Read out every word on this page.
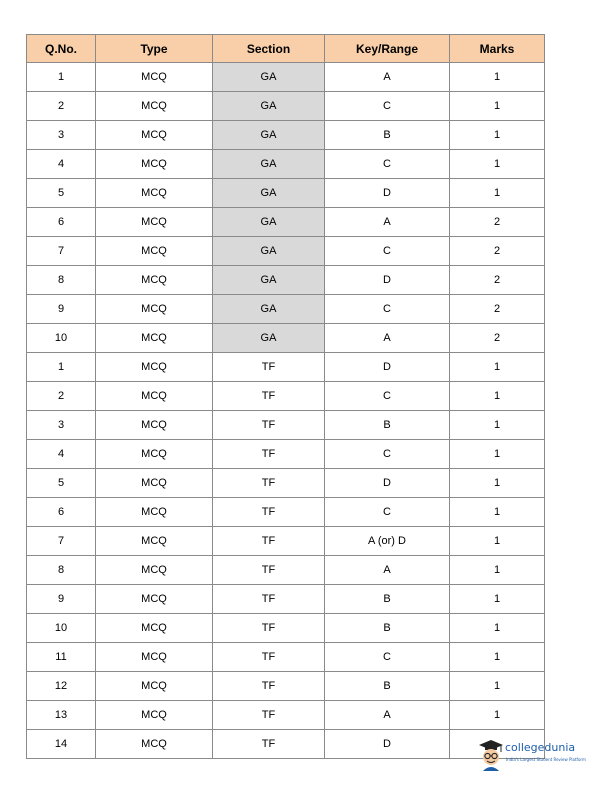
Q.No.	Type	Section	Key/Range	Marks
1	MCQ	GA	A	1
2	MCQ	GA	C	1
3	MCQ	GA	B	1
4	MCQ	GA	C	1
5	MCQ	GA	D	1
6	MCQ	GA	A	2
7	MCQ	GA	C	2
8	MCQ	GA	D	2
9	MCQ	GA	C	2
10	MCQ	GA	A	2
1	MCQ	TF	D	1
2	MCQ	TF	C	1
3	MCQ	TF	B	1
4	MCQ	TF	C	1
5	MCQ	TF	D	1
6	MCQ	TF	C	1
7	MCQ	TF	A (or) D	1
8	MCQ	TF	A	1
9	MCQ	TF	B	1
10	MCQ	TF	B	1
11	MCQ	TF	C	1
12	MCQ	TF	B	1
13	MCQ	TF	A	1
14	MCQ	TF	D		collegedunia
India's Largest Student Review Platform
